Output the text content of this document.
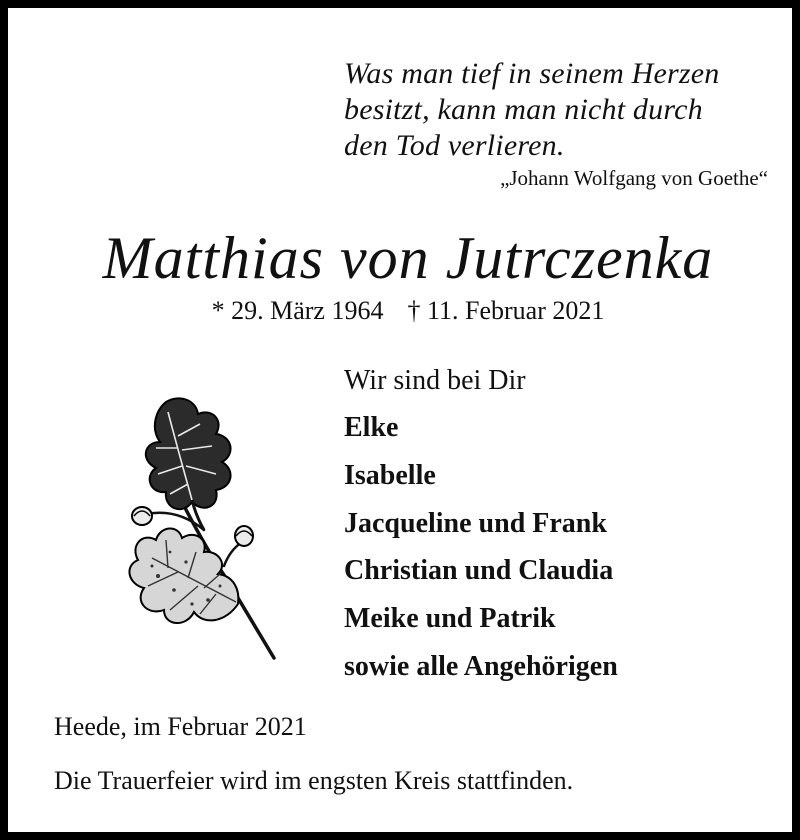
Was man tief in seinem Herzen
besitzt, kann man nicht durch
den Tod verlieren.
„Johann Wolfgang von Goethe“
Matthias von Jutrczenka
* 29. März 1964 † 11. Februar 2021
Wir sind bei Dir
Elke
Isabelle
Jacqueline und Frank
Christian und Claudia
Meike und Patrik
sowie alle Angehörigen
Heede, im Februar 2021
Die Trauerfeier wird im engsten Kreis stattfinden.
